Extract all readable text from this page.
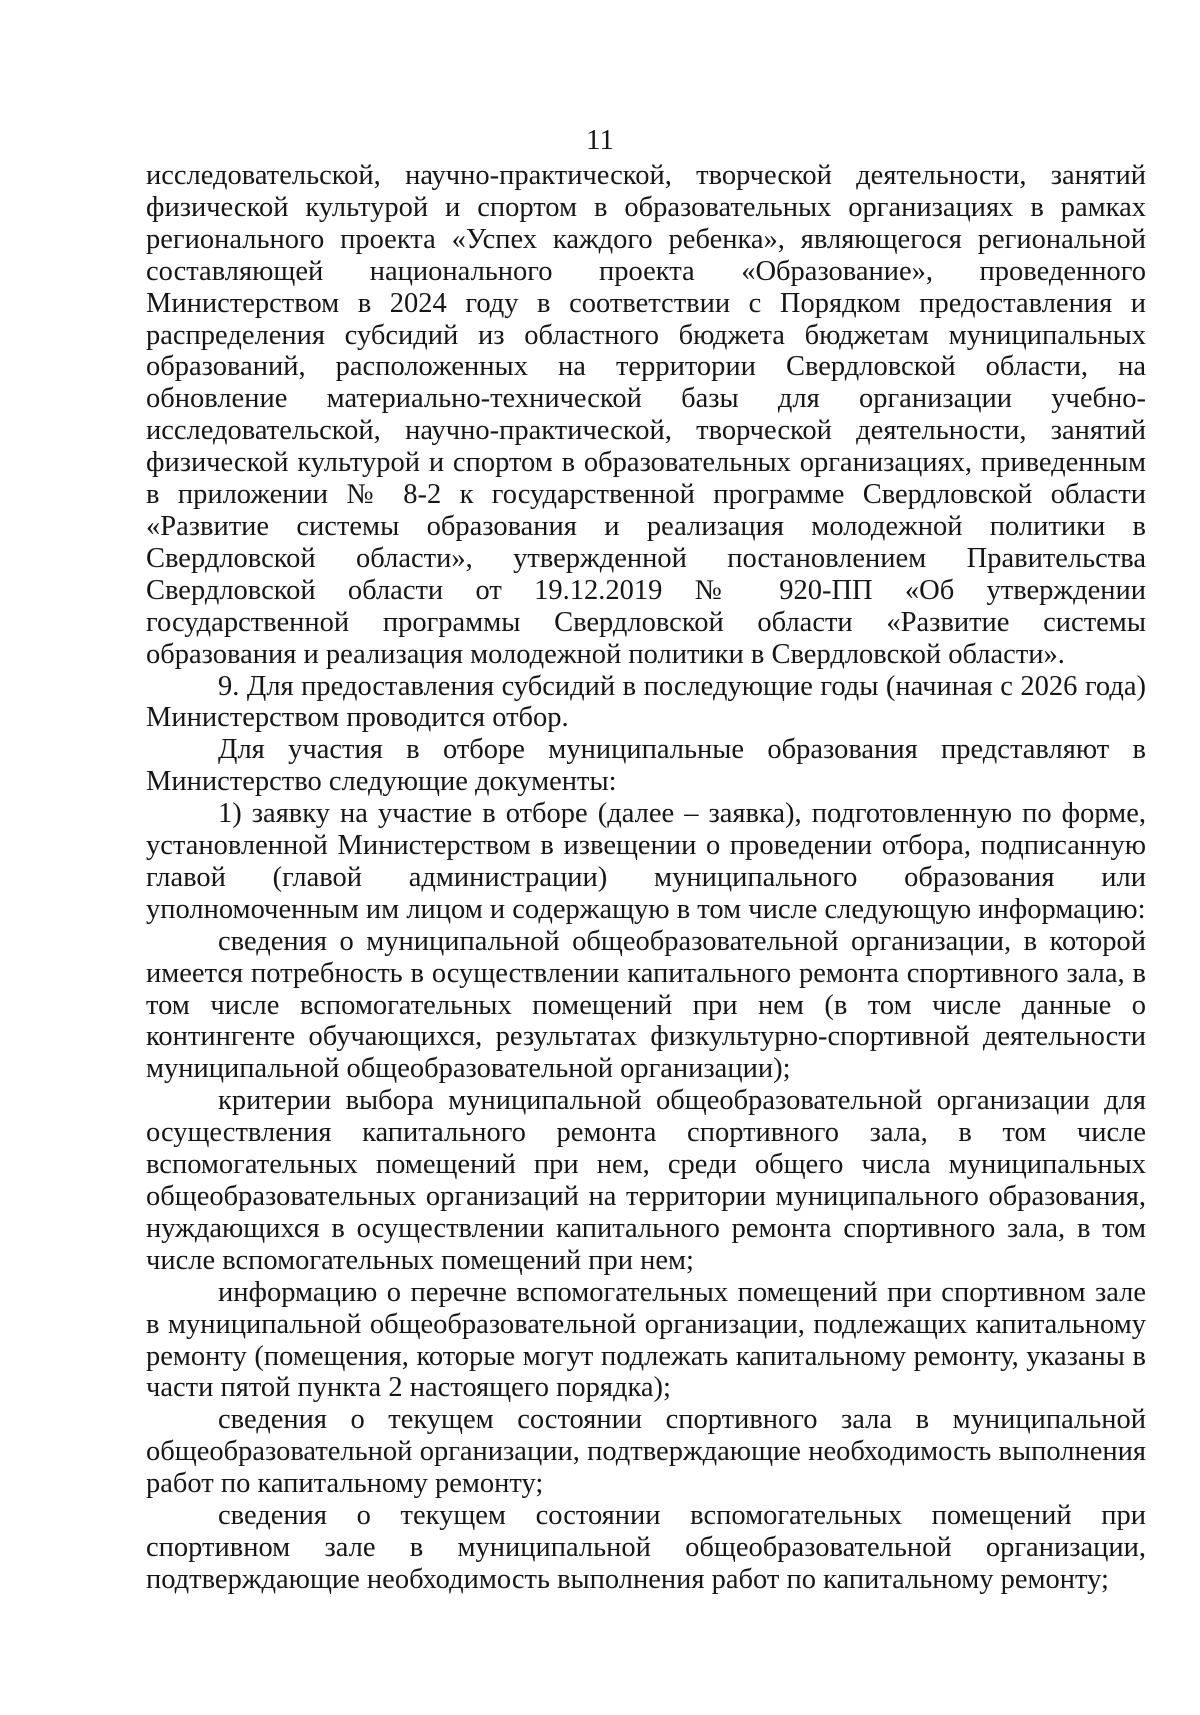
11

исследовательской, научно-практической, творческой деятельности, занятий физической культурой и спортом в образовательных организациях в рамках регионального проекта «Успех каждого ребенка», являющегося региональной составляющей национального проекта «Образование», проведенного Министерством в 2024 году в соответствии с Порядком предоставления и распределения субсидий из областного бюджета бюджетам муниципальных образований, расположенных на территории Свердловской области, на обновление материально-технической базы для организации учебно-исследовательской, научно-практической, творческой деятельности, занятий физической культурой и спортом в образовательных организациях, приведенным в приложении № 8-2 к государственной программе Свердловской области «Развитие системы образования и реализация молодежной политики в Свердловской области», утвержденной постановлением Правительства Свердловской области от 19.12.2019 № 920-ПП «Об утверждении государственной программы Свердловской области «Развитие системы образования и реализация молодежной политики в Свердловской области».

9. Для предоставления субсидий в последующие годы (начиная с 2026 года) Министерством проводится отбор.

Для участия в отборе муниципальные образования представляют в Министерство следующие документы:

1) заявку на участие в отборе (далее – заявка), подготовленную по форме, установленной Министерством в извещении о проведении отбора, подписанную главой (главой администрации) муниципального образования или уполномоченным им лицом и содержащую в том числе следующую информацию:

сведения о муниципальной общеобразовательной организации, в которой имеется потребность в осуществлении капитального ремонта спортивного зала, в том числе вспомогательных помещений при нем (в том числе данные о контингенте обучающихся, результатах физкультурно-спортивной деятельности муниципальной общеобразовательной организации);

критерии выбора муниципальной общеобразовательной организации для осуществления капитального ремонта спортивного зала, в том числе вспомогательных помещений при нем, среди общего числа муниципальных общеобразовательных организаций на территории муниципального образования, нуждающихся в осуществлении капитального ремонта спортивного зала, в том числе вспомогательных помещений при нем;

информацию о перечне вспомогательных помещений при спортивном зале в муниципальной общеобразовательной организации, подлежащих капитальному ремонту (помещения, которые могут подлежать капитальному ремонту, указаны в части пятой пункта 2 настоящего порядка);

сведения о текущем состоянии спортивного зала в муниципальной общеобразовательной организации, подтверждающие необходимость выполнения работ по капитальному ремонту;

сведения о текущем состоянии вспомогательных помещений при спортивном зале в муниципальной общеобразовательной организации, подтверждающие необходимость выполнения работ по капитальному ремонту;
